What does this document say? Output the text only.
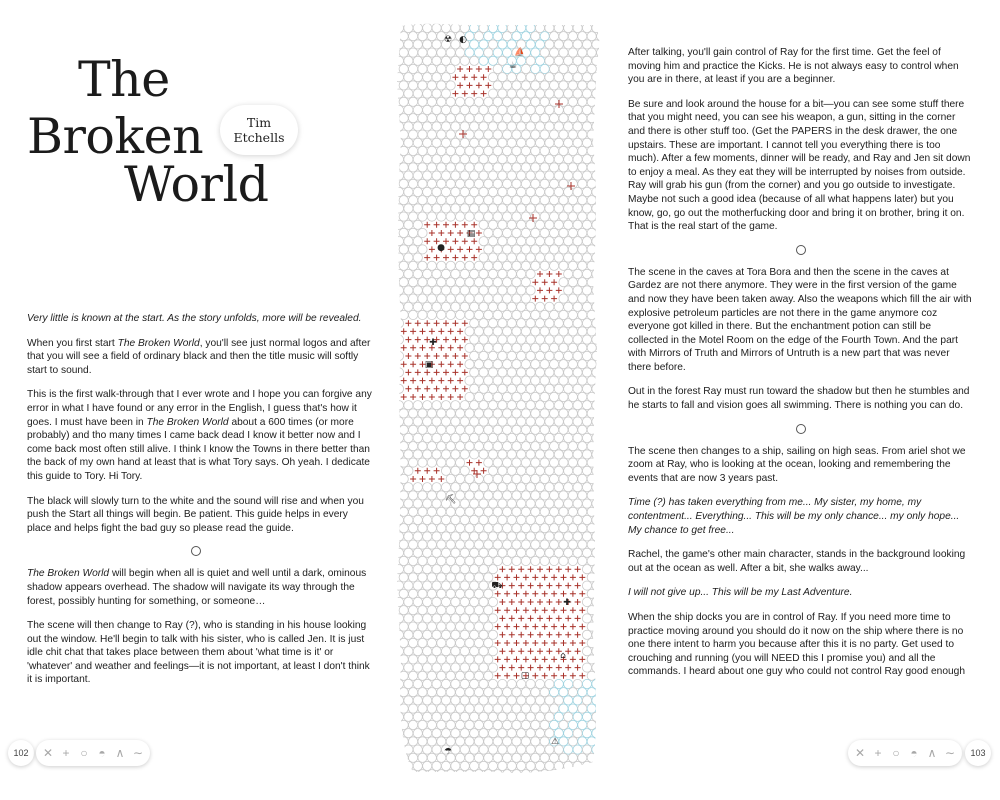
The
Broken
World
Tim
Etchells

Very little is known at the start. As the story unfolds, more will be revealed.

When you first start The Broken World, you'll see just normal logos and after that you will see a field of ordinary black and then the title music will softly start to sound.

This is the first walk-through that I ever wrote and I hope you can forgive any error in what I have found or any error in the English, I guess that's how it goes. I must have been in The Broken World about a 600 times (or more probably) and tho many times I came back dead I know it better now and I come back most often still alive. I think I know the Towns in there better than the back of my own hand at least that is what Tory says. Oh yeah. I dedicate this guide to Tory. Hi Tory.

The black will slowly turn to the white and the sound will rise and when you push the Start all things will begin. Be patient. This guide helps in every place and helps fight the bad guy so please read the guide.

The Broken World will begin when all is quiet and well until a dark, ominous shadow appears overhead. The shadow will navigate its way through the forest, possibly hunting for something, or someone…

The scene will then change to Ray (?), who is standing in his house looking out the window. He'll begin to talk with his sister, who is called Jen. It is just idle chit chat that takes place between them about 'what time is it' or 'whatever' and weather and feelings—it is not important, at least I don't think it is important.

☢ ◐
⛵
☕
●
▤
✚
✚
▣
⛏
⛟
⌂
▢
⚠
☂

After talking, you'll gain control of Ray for the first time. Get the feel of moving him and practice the Kicks. He is not always easy to control when you are in there, at least if you are a beginner.

Be sure and look around the house for a bit—you can see some stuff there that you might need, you can see his weapon, a gun, sitting in the corner and there is other stuff too. (Get the PAPERS in the desk drawer, the one upstairs. These are important. I cannot tell you everything there is too much). After a few moments, dinner will be ready, and Ray and Jen sit down to enjoy a meal. As they eat they will be interrupted by noises from outside. Ray will grab his gun (from the corner) and you go outside to investigate. Maybe not such a good idea (because of all what happens later) but you know, go, go out the motherfucking door and bring it on brother, bring it on. That is the real start of the game.

The scene in the caves at Tora Bora and then the scene in the caves at Gardez are not there anymore. They were in the first version of the game and now they have been taken away. Also the weapons which fill the air with explosive petroleum particles are not there in the game anymore coz everyone got killed in there. But the enchantment potion can still be collected in the Motel Room on the edge of the Fourth Town. And the part with Mirrors of Truth and Mirrors of Untruth is a new part that was never there before.

Out in the forest Ray must run toward the shadow but then he stumbles and he starts to fall and vision goes all swimming. There is nothing you can do.

The scene then changes to a ship, sailing on high seas. From ariel shot we zoom at Ray, who is looking at the ocean, looking and remembering the events that are now 3 years past.

Time (?) has taken everything from me... My sister, my home, my contentment... Everything... This will be my only chance... my only hope... My chance to get free...

Rachel, the game's other main character, stands in the background looking out at the ocean as well. After a bit, she walks away...

I will not give up... This will be my Last Adventure.

When the ship docks you are in control of Ray. If you need more time to practice moving around you should do it now on the ship where there is no one there intent to harm you because after this it is no party. Get used to crouching and running (you will NEED this I promise you) and all the commands. I heard about one guy who could not control Ray good enough

102	✕ + ○ ◓ ∧ ∼	✕ + ○ ◓ ∧ ∼	103
